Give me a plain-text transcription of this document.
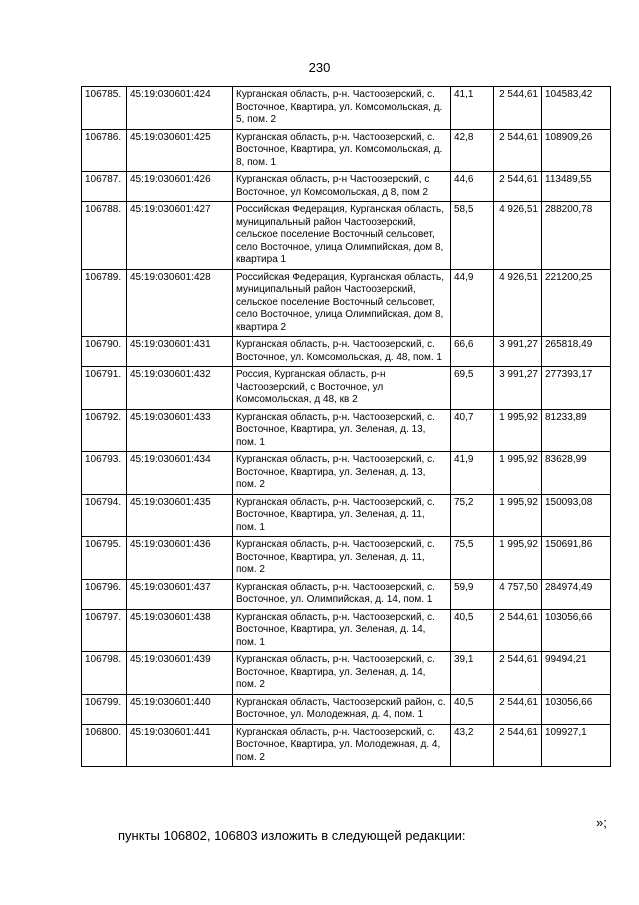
230
106785.	45:19:030601:424	Курганская область, р-н. Частоозерский, с. Восточное, Квартира, ул. Комсомольская, д. 5, пом. 2	41,1	2 544,61	104583,42
106786.	45:19:030601:425	Курганская область, р-н. Частоозерский, с. Восточное, Квартира, ул. Комсомольская, д. 8, пом. 1	42,8	2 544,61	108909,26
106787.	45:19:030601:426	Курганская область, р-н Частоозерский, с Восточное, ул Комсомольская, д 8, пом 2	44,6	2 544,61	113489,55
106788.	45:19:030601:427	Российская Федерация, Курганская область, муниципальный район Частоозерский, сельское поселение Восточный сельсовет, село Восточное, улица Олимпийская, дом 8, квартира 1	58,5	4 926,51	288200,78
106789.	45:19:030601:428	Российская Федерация, Курганская область, муниципальный район Частоозерский, сельское поселение Восточный сельсовет, село Восточное, улица Олимпийская, дом 8, квартира 2	44,9	4 926,51	221200,25
106790.	45:19:030601:431	Курганская область, р-н. Частоозерский, с. Восточное, ул. Комсомольская, д. 48, пом. 1	66,6	3 991,27	265818,49
106791.	45:19:030601:432	Россия, Курганская область, р-н Частоозерский, с Восточное, ул Комсомольская, д 48, кв 2	69,5	3 991,27	277393,17
106792.	45:19:030601:433	Курганская область, р-н. Частоозерский, с. Восточное, Квартира, ул. Зеленая, д. 13, пом. 1	40,7	1 995,92	81233,89
106793.	45:19:030601:434	Курганская область, р-н. Частоозерский, с. Восточное, Квартира, ул. Зеленая, д. 13, пом. 2	41,9	1 995,92	83628,99
106794.	45:19:030601:435	Курганская область, р-н. Частоозерский, с. Восточное, Квартира, ул. Зеленая, д. 11, пом. 1	75,2	1 995,92	150093,08
106795.	45:19:030601:436	Курганская область, р-н. Частоозерский, с. Восточное, Квартира, ул. Зеленая, д. 11, пом. 2	75,5	1 995,92	150691,86
106796.	45:19:030601:437	Курганская область, р-н. Частоозерский, с. Восточное, ул. Олимпийская, д. 14, пом. 1	59,9	4 757,50	284974,49
106797.	45:19:030601:438	Курганская область, р-н. Частоозерский, с. Восточное, Квартира, ул. Зеленая, д. 14, пом. 1	40,5	2 544,61	103056,66
106798.	45:19:030601:439	Курганская область, р-н. Частоозерский, с. Восточное, Квартира, ул. Зеленая, д. 14, пом. 2	39,1	2 544,61	99494,21
106799.	45:19:030601:440	Курганская область, Частоозерский район, с. Восточное, ул. Молодежная, д. 4, пом. 1	40,5	2 544,61	103056,66
106800.	45:19:030601:441	Курганская область, р-н. Частоозерский, с. Восточное, Квартира, ул. Молодежная, д. 4, пом. 2	43,2	2 544,61	109927,1
»;
пункты 106802, 106803 изложить в следующей редакции:
